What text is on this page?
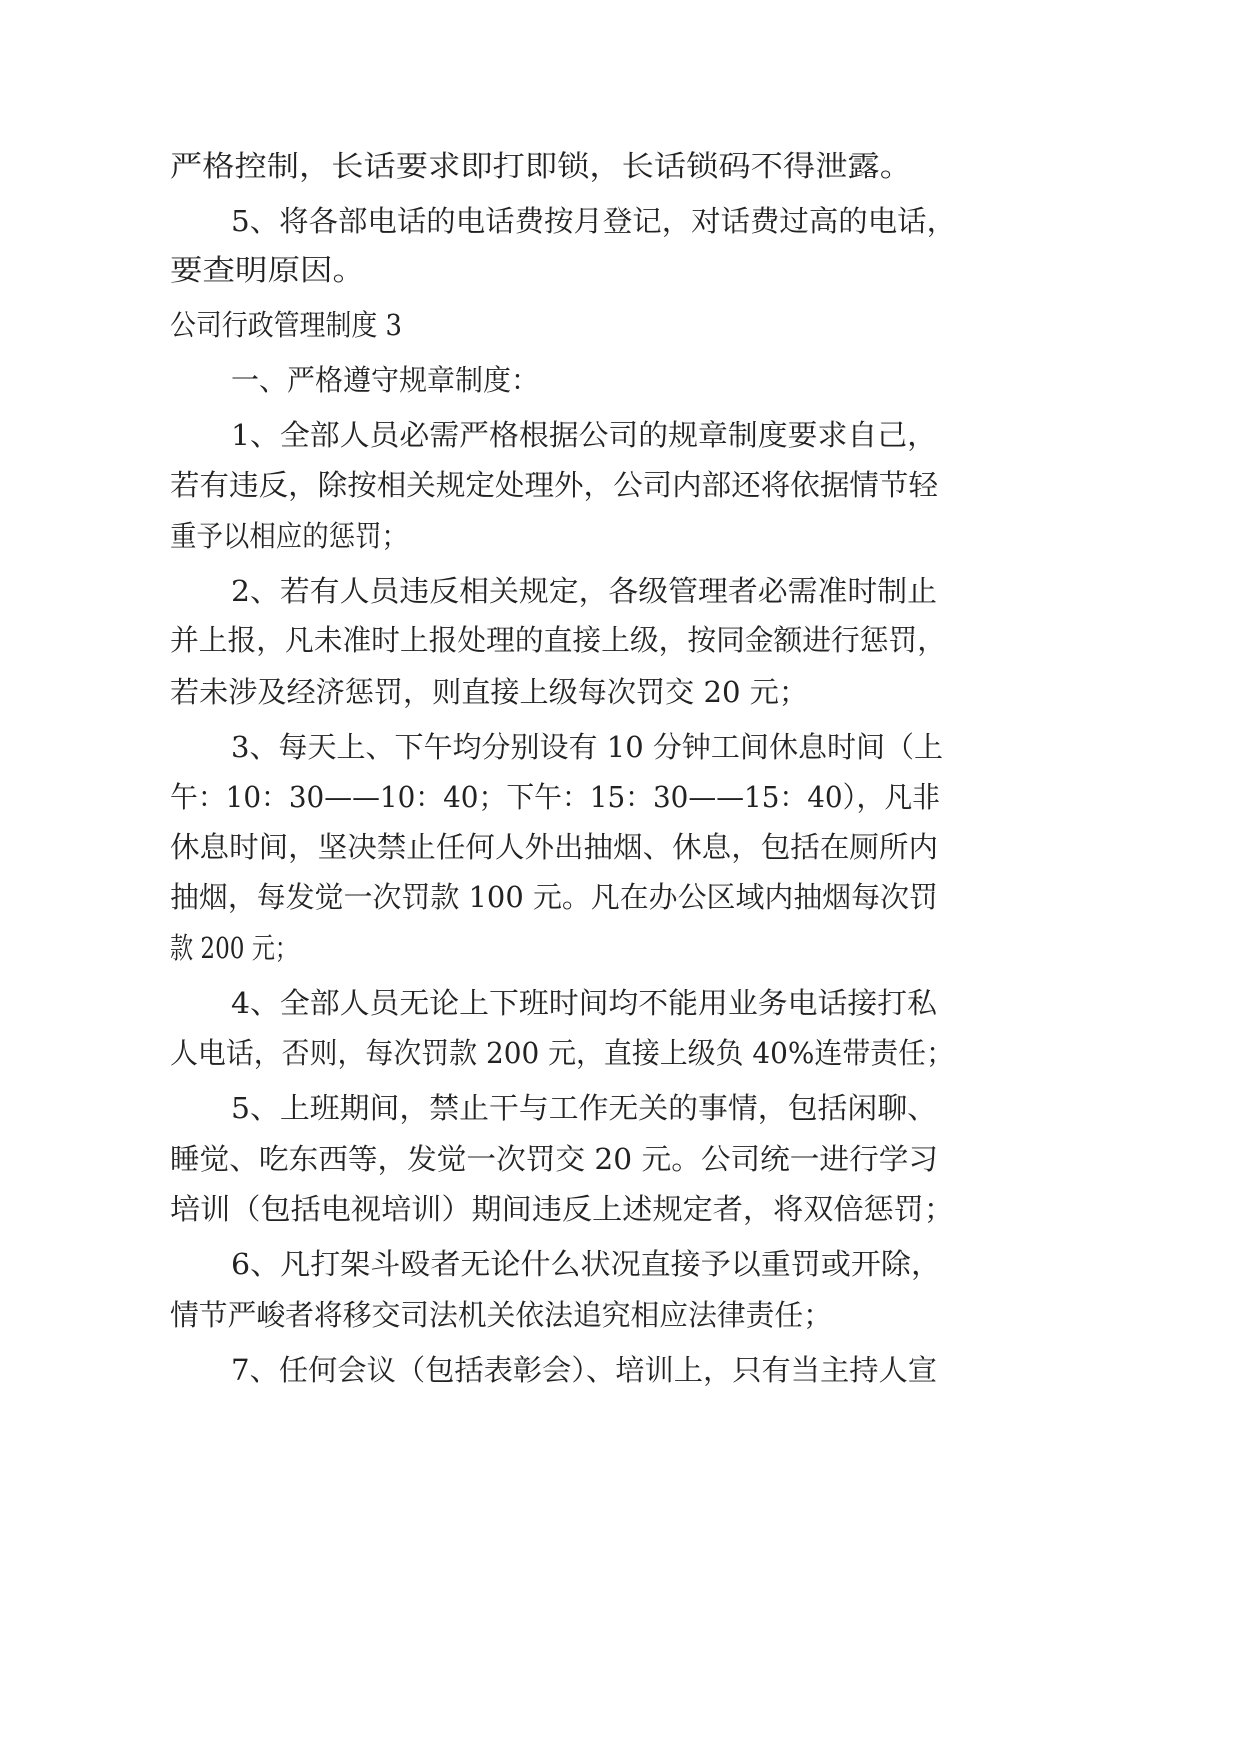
严格控制，长话要求即打即锁，长话锁码不得泄露。

5、将各部电话的电话费按月登记，对话费过高的电话，

要查明原因。

公司行政管理制度 3

一、严格遵守规章制度：

1、全部人员必需严格根据公司的规章制度要求自己，

若有违反，除按相关规定处理外，公司内部还将依据情节轻

重予以相应的惩罚；

2、若有人员违反相关规定，各级管理者必需准时制止

并上报，凡未准时上报处理的直接上级，按同金额进行惩罚，

若未涉及经济惩罚，则直接上级每次罚交 20 元；

3、每天上、下午均分别设有 10 分钟工间休息时间（上

午：10：30——10：40；下午：15：30——15：40），凡非

休息时间，坚决禁止任何人外出抽烟、休息，包括在厕所内

抽烟，每发觉一次罚款 100 元。凡在办公区域内抽烟每次罚

款 200 元；

4、全部人员无论上下班时间均不能用业务电话接打私

人电话，否则，每次罚款 200 元，直接上级负 40%连带责任；

5、上班期间，禁止干与工作无关的事情，包括闲聊、

睡觉、吃东西等，发觉一次罚交 20 元。公司统一进行学习

培训（包括电视培训）期间违反上述规定者，将双倍惩罚；

6、凡打架斗殴者无论什么状况直接予以重罚或开除，

情节严峻者将移交司法机关依法追究相应法律责任；

7、任何会议（包括表彰会）、培训上，只有当主持人宣
